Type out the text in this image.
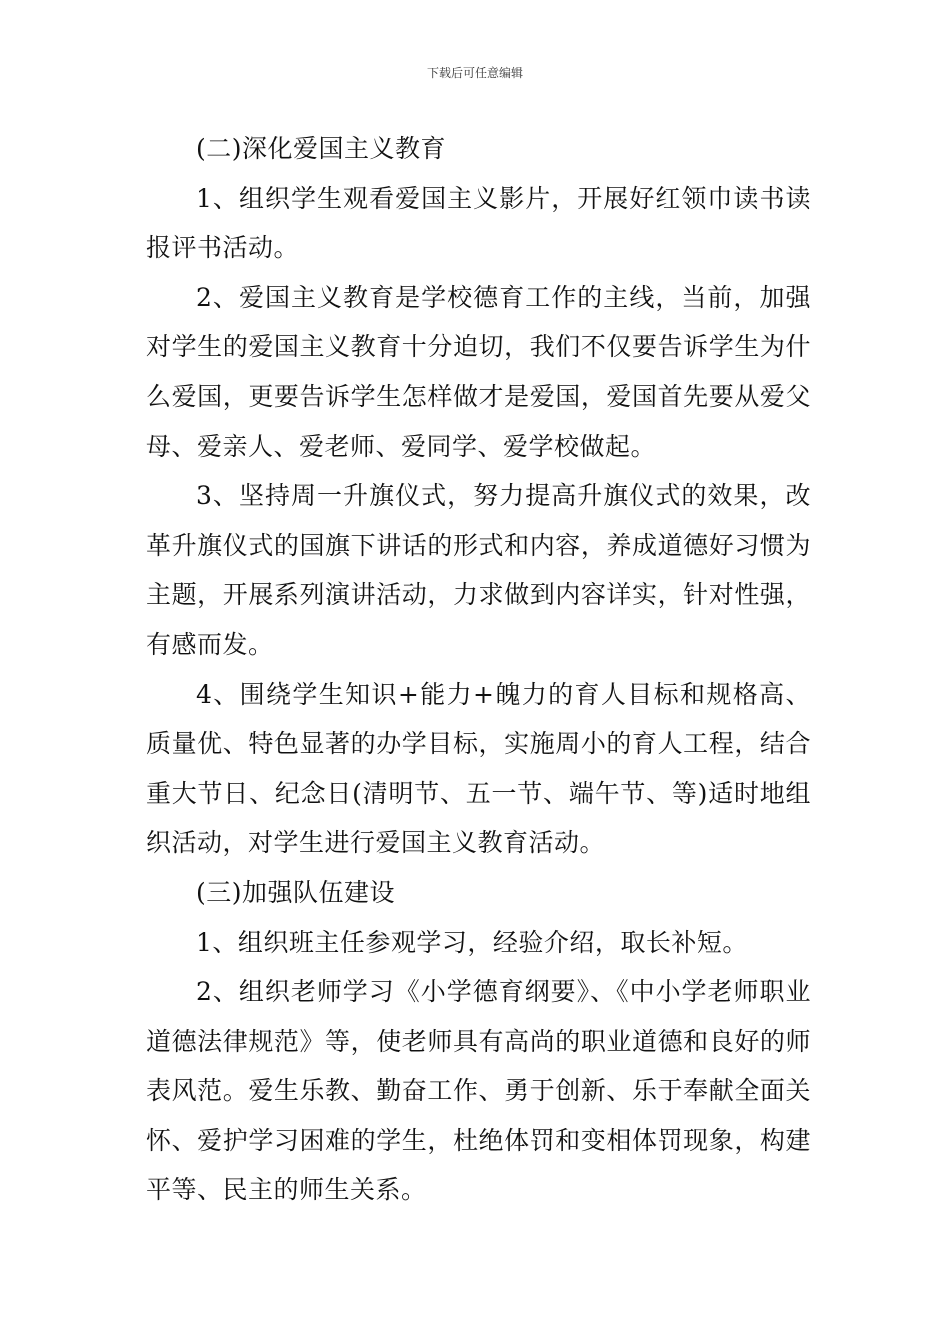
下载后可任意编辑

(二)深化爱国主义教育

1、组织学生观看爱国主义影片，开展好红领巾读书读报评书活动。

2、爱国主义教育是学校德育工作的主线，当前，加强对学生的爱国主义教育十分迫切，我们不仅要告诉学生为什么爱国，更要告诉学生怎样做才是爱国，爱国首先要从爱父母、爱亲人、爱老师、爱同学、爱学校做起。

3、坚持周一升旗仪式，努力提高升旗仪式的效果，改革升旗仪式的国旗下讲话的形式和内容，养成道德好习惯为主题，开展系列演讲活动，力求做到内容详实，针对性强，有感而发。

4、围绕学生知识+能力+魄力的育人目标和规格高、质量优、特色显著的办学目标，实施周小的育人工程，结合重大节日、纪念日(清明节、五一节、端午节、等)适时地组织活动，对学生进行爱国主义教育活动。

(三)加强队伍建设

1、组织班主任参观学习，经验介绍，取长补短。

2、组织老师学习《小学德育纲要》、《中小学老师职业道德法律规范》等，使老师具有高尚的职业道德和良好的师表风范。爱生乐教、勤奋工作、勇于创新、乐于奉献全面关怀、爱护学习困难的学生，杜绝体罚和变相体罚现象，构建平等、民主的师生关系。
